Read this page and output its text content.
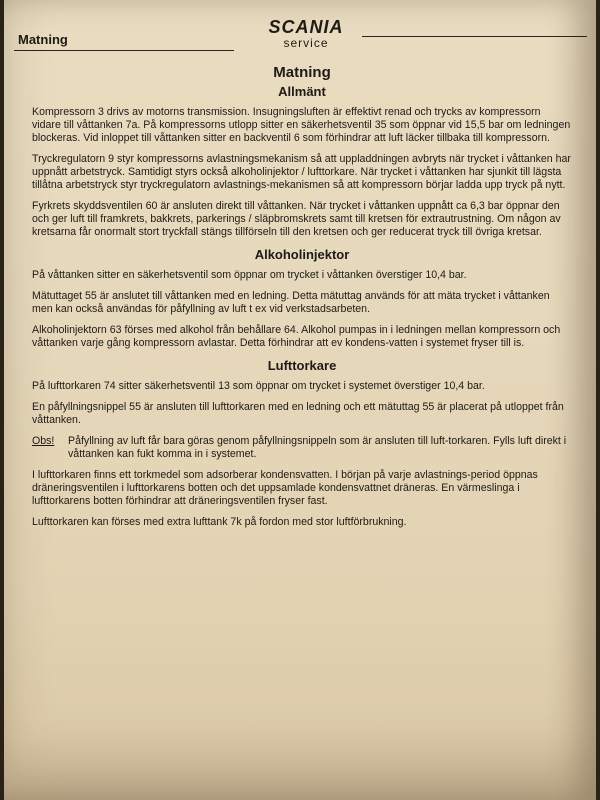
Matning
SCANIA
service
Matning
Allmänt

Kompressorn 3 drivs av motorns transmission. Insugningsluften är effektivt renad och trycks av kompressorn vidare till våttanken 7a. På kompressorns utlopp sitter en säkerhetsventil 35 som öppnar vid 15,5 bar om ledningen blockeras. Vid inloppet till våttanken sitter en backventil 6 som förhindrar att luft läcker tillbaka till kompressorn.

Tryckregulatorn 9 styr kompressorns avlastningsmekanism så att uppladdningen avbryts när trycket i våttanken har uppnått arbetstryck. Samtidigt styrs också alkoholinjektor / lufttorkare. När trycket i våttanken har sjunkit till lägsta tillåtna arbetstryck styr tryckregulatorn avlastnings-mekanismen så att kompressorn börjar ladda upp tryck på nytt.

Fyrkrets skyddsventilen 60 är ansluten direkt till våttanken. När trycket i våttanken uppnått ca 6,3 bar öppnar den och ger luft till framkrets, bakkrets, parkerings / släpbromskrets samt till kretsen för extrautrustning. Om någon av kretsarna får onormalt stort tryckfall stängs tillförseln till den kretsen och ger reducerat tryck till övriga kretsar.

Alkoholinjektor

På våttanken sitter en säkerhetsventil som öppnar om trycket i våttanken överstiger 10,4 bar.

Mätuttaget 55 är anslutet till våttanken med en ledning. Detta mätuttag används för att mäta trycket i våttanken men kan också användas för påfyllning av luft t ex vid verkstadsarbeten.

Alkoholinjektorn 63 förses med alkohol från behållare 64. Alkohol pumpas in i ledningen mellan kompressorn och våttanken varje gång kompressorn avlastar. Detta förhindrar att ev kondens-vatten i systemet fryser till is.

Lufttorkare

På lufttorkaren 74 sitter säkerhetsventil 13 som öppnar om trycket i systemet överstiger 10,4 bar.

En påfyllningsnippel 55 är ansluten till lufttorkaren med en ledning och ett mätuttag 55 är placerat på utloppet från våttanken.

Obs!	Påfyllning av luft får bara göras genom påfyllningsnippeln som är ansluten till luft-torkaren. Fylls luft direkt i våttanken kan fukt komma in i systemet.

I lufttorkaren finns ett torkmedel som adsorberar kondensvatten. I början på varje avlastnings-period öppnas dräneringsventilen i lufttorkarens botten och det uppsamlade kondensvattnet dräneras. En värmeslinga i lufttorkarens botten förhindrar att dräneringsventilen fryser fast.

Lufttorkaren kan förses med extra lufttank 7k på fordon med stor luftförbrukning.
